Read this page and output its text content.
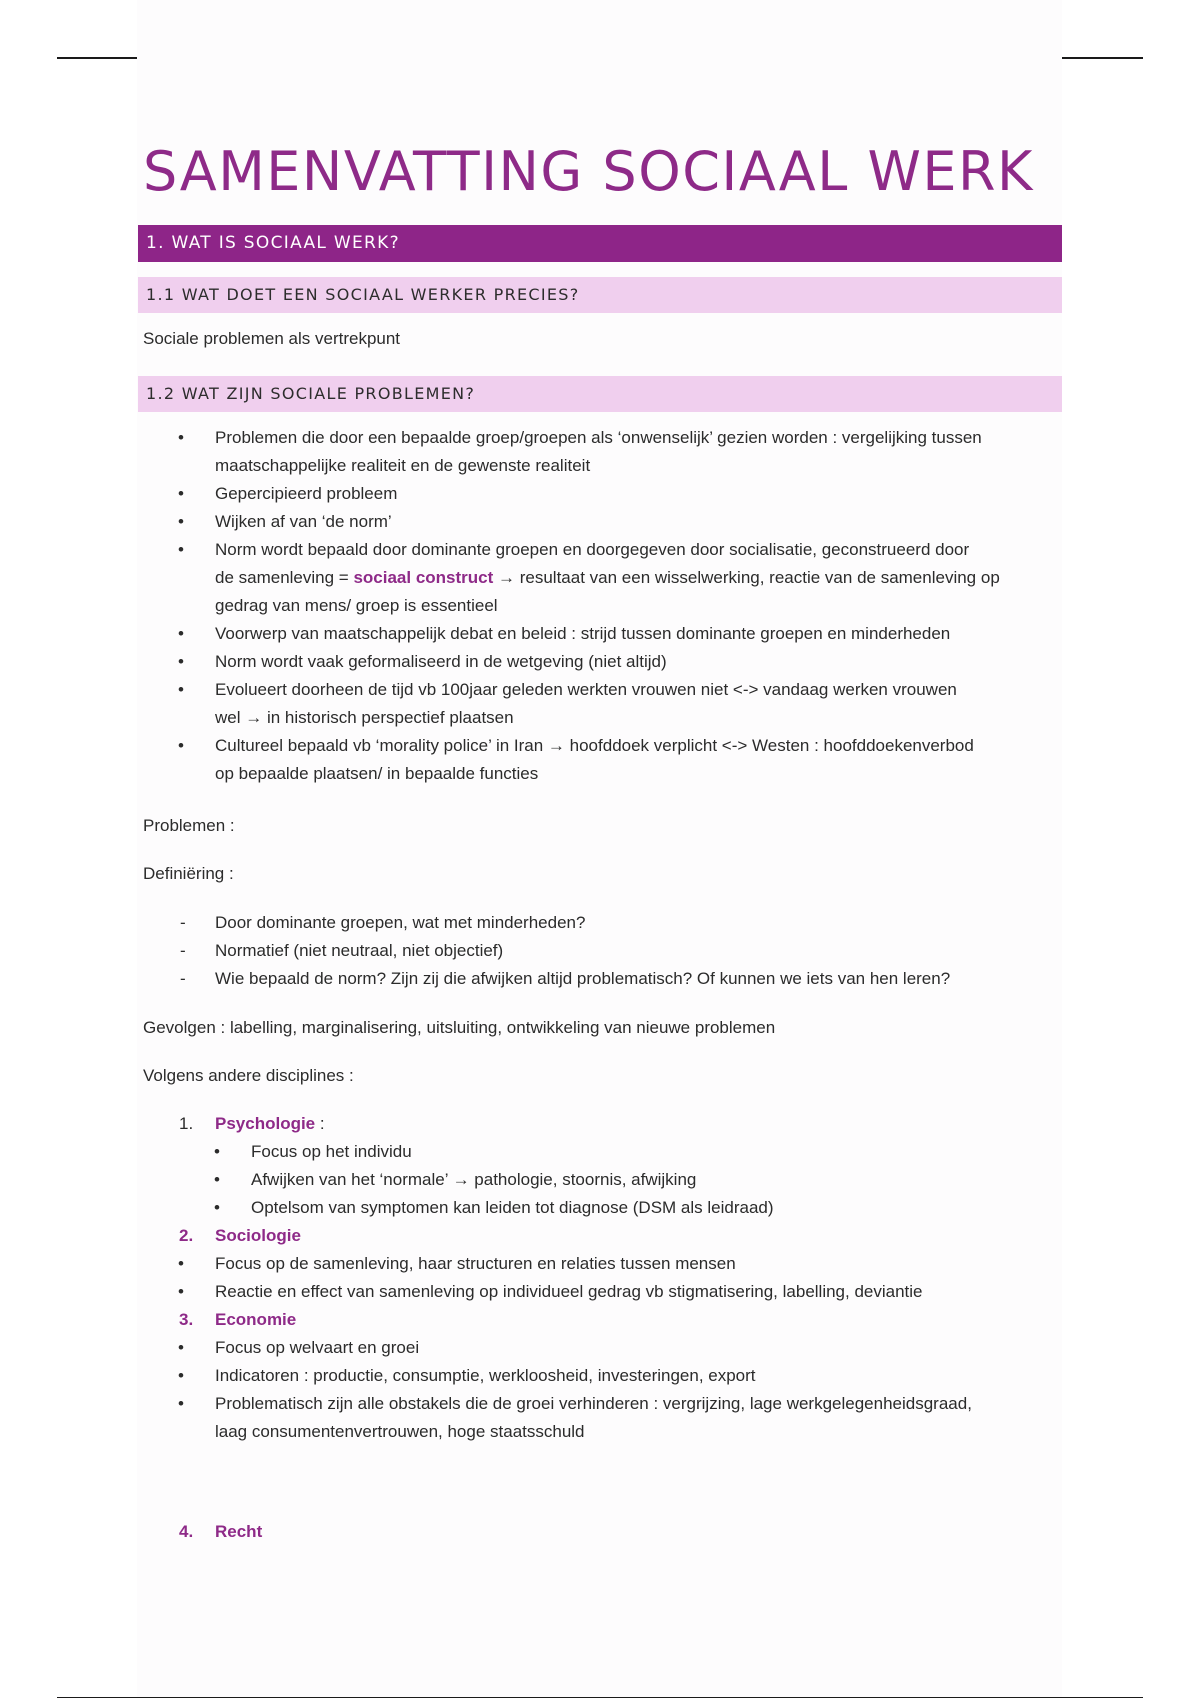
SAMENVATTING SOCIAAL WERK
1. WAT IS SOCIAAL WERK?
1.1 WAT DOET EEN SOCIAAL WERKER PRECIES?

Sociale problemen als vertrekpunt

1.2 WAT ZIJN SOCIALE PROBLEMEN?
• Problemen die door een bepaalde groep/groepen als ‘onwenselijk’ gezien worden : vergelijking tussen
maatschappelijke realiteit en de gewenste realiteit
• Gepercipieerd probleem
• Wijken af van ‘de norm’
• Norm wordt bepaald door dominante groepen en doorgegeven door socialisatie, geconstrueerd door
de samenleving = sociaal construct → resultaat van een wisselwerking, reactie van de samenleving op
gedrag van mens/ groep is essentieel
• Voorwerp van maatschappelijk debat en beleid : strijd tussen dominante groepen en minderheden
• Norm wordt vaak geformaliseerd in de wetgeving (niet altijd)
• Evolueert doorheen de tijd vb 100jaar geleden werkten vrouwen niet <-> vandaag werken vrouwen
wel → in historisch perspectief plaatsen
• Cultureel bepaald vb ‘morality police’ in Iran → hoofddoek verplicht <-> Westen : hoofddoekenverbod
op bepaalde plaatsen/ in bepaalde functies

Problemen :

Definiëring :

- Door dominante groepen, wat met minderheden?
- Normatief (niet neutraal, niet objectief)
- Wie bepaald de norm? Zijn zij die afwijken altijd problematisch? Of kunnen we iets van hen leren?

Gevolgen : labelling, marginalisering, uitsluiting, ontwikkeling van nieuwe problemen

Volgens andere disciplines :

1. Psychologie :
• Focus op het individu
• Afwijken van het ‘normale’ → pathologie, stoornis, afwijking
• Optelsom van symptomen kan leiden tot diagnose (DSM als leidraad)
2. Sociologie
• Focus op de samenleving, haar structuren en relaties tussen mensen
• Reactie en effect van samenleving op individueel gedrag vb stigmatisering, labelling, deviantie
3. Economie
• Focus op welvaart en groei
• Indicatoren : productie, consumptie, werkloosheid, investeringen, export
• Problematisch zijn alle obstakels die de groei verhinderen : vergrijzing, lage werkgelegenheidsgraad,
laag consumentenvertrouwen, hoge staatsschuld
4. Recht
